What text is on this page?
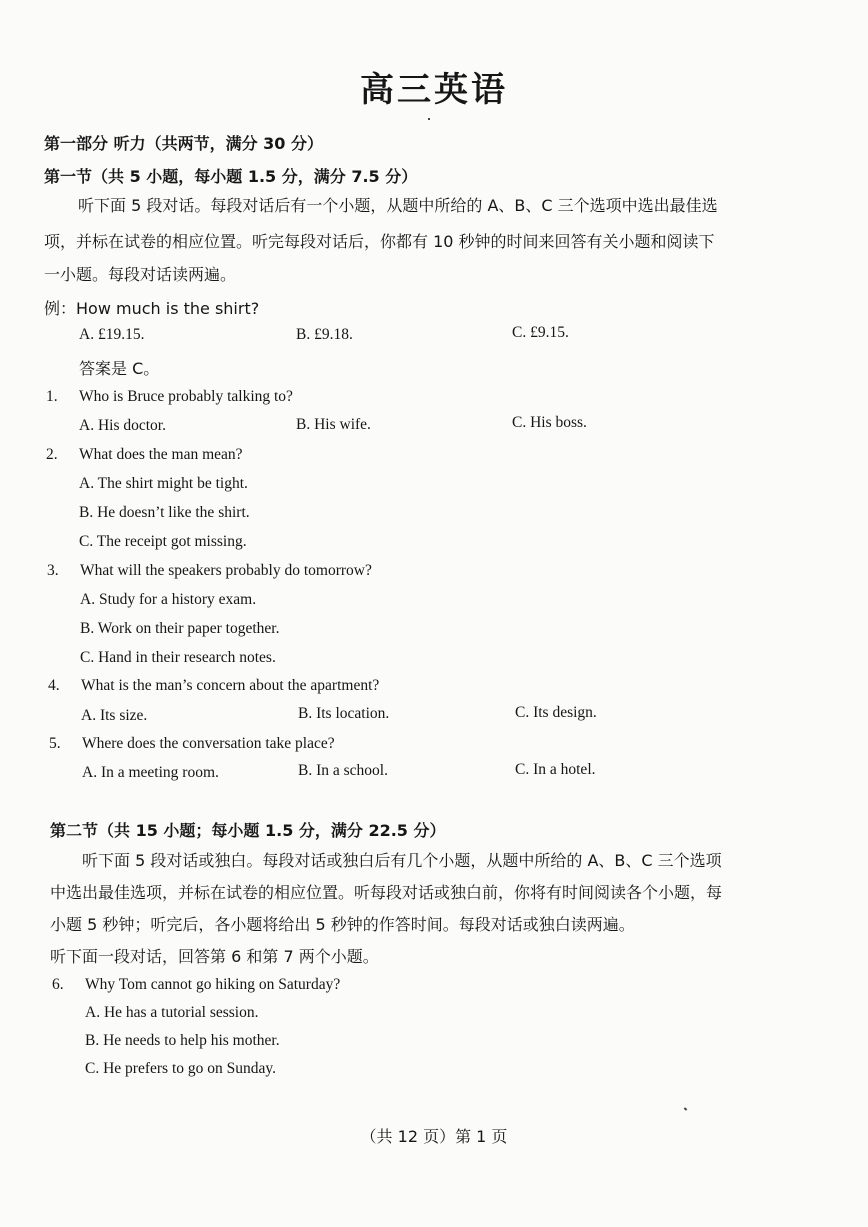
高三英语
第一部分 听力（共两节，满分 30 分）
第一节（共 5 小题，每小题 1.5 分，满分 7.5 分）
听下面 5 段对话。每段对话后有一个小题，从题中所给的 A、B、C 三个选项中选出最佳选
项，并标在试卷的相应位置。听完每段对话后，你都有 10 秒钟的时间来回答有关小题和阅读下
一小题。每段对话读两遍。
例：How much is the shirt?
A. £19.15.	B. £9.18.	C. £9.15.
答案是 C。
1. Who is Bruce probably talking to?
A. His doctor.	B. His wife.	C. His boss.
2. What does the man mean?
A. The shirt might be tight.
B. He doesn’t like the shirt.
C. The receipt got missing.
3. What will the speakers probably do tomorrow?
A. Study for a history exam.
B. Work on their paper together.
C. Hand in their research notes.
4. What is the man’s concern about the apartment?
A. Its size.	B. Its location.	C. Its design.
5. Where does the conversation take place?
A. In a meeting room.	B. In a school.	C. In a hotel.
第二节（共 15 小题；每小题 1.5 分，满分 22.5 分）
听下面 5 段对话或独白。每段对话或独白后有几个小题，从题中所给的 A、B、C 三个选项
中选出最佳选项，并标在试卷的相应位置。听每段对话或独白前，你将有时间阅读各个小题，每
小题 5 秒钟；听完后，各小题将给出 5 秒钟的作答时间。每段对话或独白读两遍。
听下面一段对话，回答第 6 和第 7 两个小题。
6. Why Tom cannot go hiking on Saturday?
A. He has a tutorial session.
B. He needs to help his mother.
C. He prefers to go on Sunday.
（共 12 页）第 1 页
